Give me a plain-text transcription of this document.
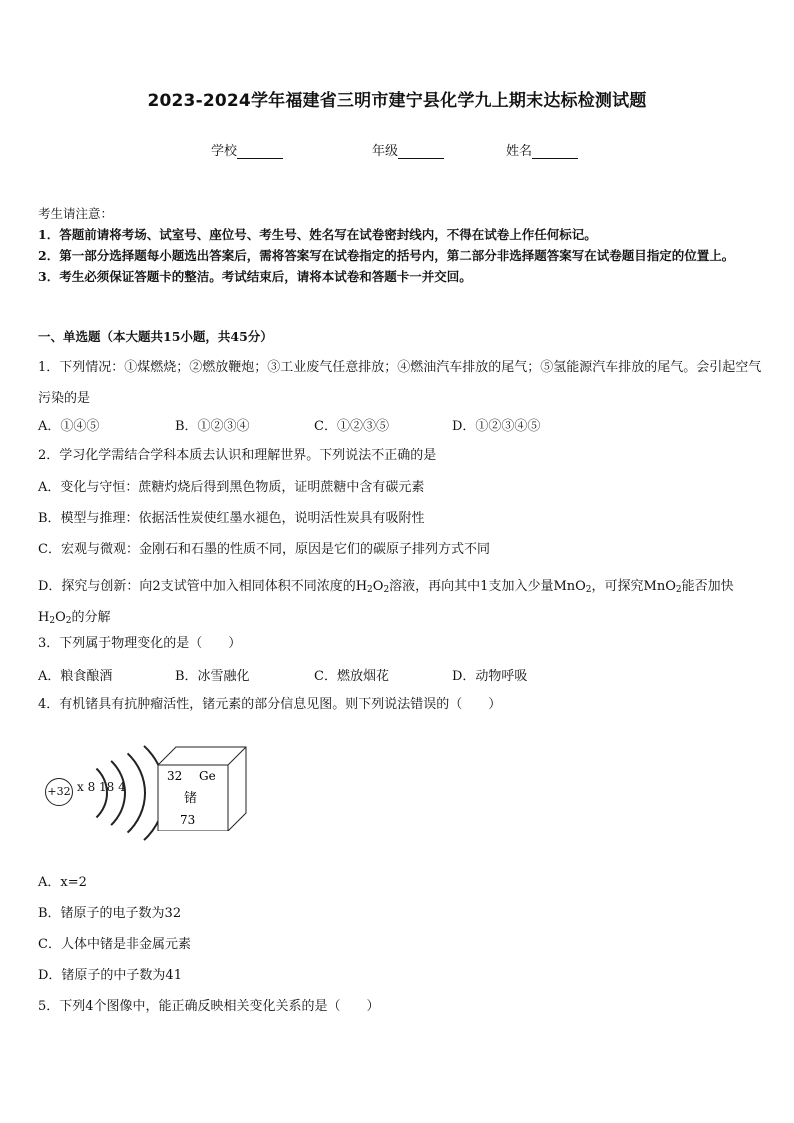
2023-2024学年福建省三明市建宁县化学九上期末达标检测试题
学校	年级	姓名
考生请注意：
1．答题前请将考场、试室号、座位号、考生号、姓名写在试卷密封线内，不得在试卷上作任何标记。
2．第一部分选择题每小题选出答案后，需将答案写在试卷指定的括号内，第二部分非选择题答案写在试卷题目指定的位置上。
3．考生必须保证答题卡的整洁。考试结束后，请将本试卷和答题卡一并交回。
一、单选题（本大题共15小题，共45分）
1．下列情况：①煤燃烧；②燃放鞭炮；③工业废气任意排放；④燃油汽车排放的尾气；⑤氢能源汽车排放的尾气。会引起空气污染的是
A．①④⑤	B．①②③④	C．①②③⑤	D．①②③④⑤
2．学习化学需结合学科本质去认识和理解世界。下列说法不正确的是
A．变化与守恒：蔗糖灼烧后得到黑色物质，证明蔗糖中含有碳元素
B．模型与推理：依据活性炭使红墨水褪色，说明活性炭具有吸附性
C．宏观与微观：金刚石和石墨的性质不同，原因是它们的碳原子排列方式不同
D．探究与创新：向2支试管中加入相同体积不同浓度的$H_2O_2$溶液，再向其中1支加入少量MnO$_2$，可探究MnO$_2$能否加快$H_2O_2$的分解
3．下列属于物理变化的是（　　）
A．粮食酿酒	B．冰雪融化	C．燃放烟花	D．动物呼吸
4．有机锗具有抗肿瘤活性，锗元素的部分信息见图。则下列说法错误的（　　）
+32 x 8 18 4
32 Ge
锗
73
A．x=2
B．锗原子的电子数为32
C．人体中锗是非金属元素
D．锗原子的中子数为41
5．下列4个图像中，能正确反映相关变化关系的是（　　）
